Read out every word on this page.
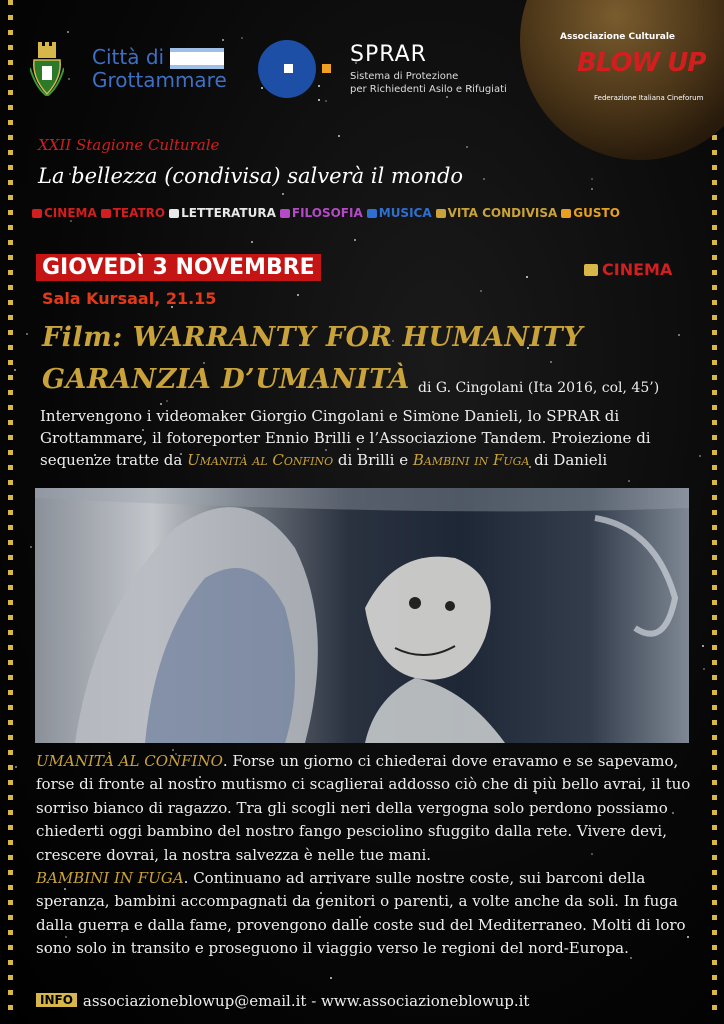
Associazione Culturale
BLOW UP
Federazione Italiana Cineforum
Città di
Grottammare
SPRAR
Sistema di Protezione
per Richiedenti Asilo e Rifugiati
XXII Stagione Culturale
La bellezza (condivisa) salverà il mondo
CINEMA TEATRO LETTERATURA FILOSOFIA MUSICA VITA CONDIVISA GUSTO
GIOVEDÌ 3 NOVEMBRE
Sala Kursaal, 21.15
CINEMA
Film: WARRANTY FOR HUMANITY
GARANZIA D’UMANITÀ di G. Cingolani (Ita 2016, col, 45’)
Intervengono i videomaker Giorgio Cingolani e Simone Danieli, lo SPRAR di Grottammare, il fotoreporter Ennio Brilli e l’Associazione Tandem. Proiezione di sequenze tratte da Umanità al Confino di Brilli e Bambini in Fuga di Danieli
UMANITÀ AL CONFINO. Forse un giorno ci chiederai dove eravamo e se sapevamo, forse di fronte al nostro mutismo ci scaglierai addosso ciò che di più bello avrai, il tuo sorriso bianco di ragazzo. Tra gli scogli neri della vergogna solo perdono possiamo chiederti oggi bambino del nostro fango pesciolino sfuggito dalla rete. Vivere devi, crescere dovrai, la nostra salvezza è nelle tue mani.
BAMBINI IN FUGA. Continuano ad arrivare sulle nostre coste, sui barconi della speranza, bambini accompagnati da genitori o parenti, a volte anche da soli. In fuga dalla guerra e dalla fame, provengono dalle coste sud del Mediterraneo. Molti di loro sono solo in transito e proseguono il viaggio verso le regioni del nord-Europa.
INFO associazioneblowup@email.it - www.associazioneblowup.it
